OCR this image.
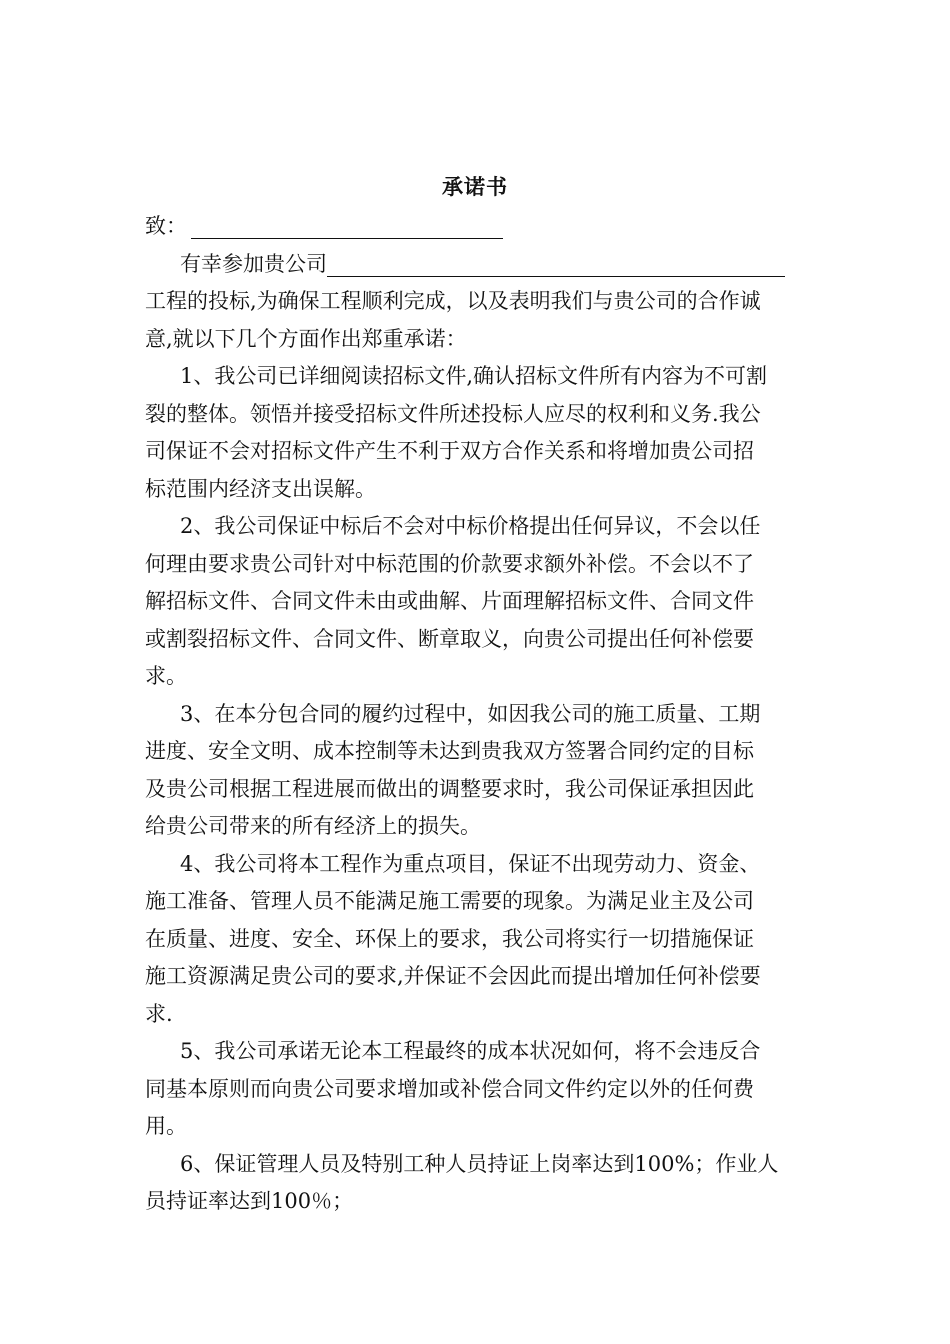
承诺书
致：
有幸参加贵公司

工程的投标,为确保工程顺利完成，以及表明我们与贵公司的合作诚
意,就以下几个方面作出郑重承诺：

1、我公司已详细阅读招标文件,确认招标文件所有内容为不可割
裂的整体。领悟并接受招标文件所述投标人应尽的权利和义务.我公
司保证不会对招标文件产生不利于双方合作关系和将增加贵公司招
标范围内经济支出误解。

2、我公司保证中标后不会对中标价格提出任何异议，不会以任
何理由要求贵公司针对中标范围的价款要求额外补偿。不会以不了
解招标文件、合同文件未由或曲解、片面理解招标文件、合同文件
或割裂招标文件、合同文件、断章取义，向贵公司提出任何补偿要
求。

3、在本分包合同的履约过程中，如因我公司的施工质量、工期
进度、安全文明、成本控制等未达到贵我双方签署合同约定的目标
及贵公司根据工程进展而做出的调整要求时，我公司保证承担因此
给贵公司带来的所有经济上的损失。

4、我公司将本工程作为重点项目，保证不出现劳动力、资金、
施工准备、管理人员不能满足施工需要的现象。为满足业主及公司
在质量、进度、安全、环保上的要求，我公司将实行一切措施保证
施工资源满足贵公司的要求,并保证不会因此而提出增加任何补偿要
求.

5、我公司承诺无论本工程最终的成本状况如何，将不会违反合
同基本原则而向贵公司要求增加或补偿合同文件约定以外的任何费
用。

6、保证管理人员及特别工种人员持证上岗率达到100%；作业人
员持证率达到100％；
